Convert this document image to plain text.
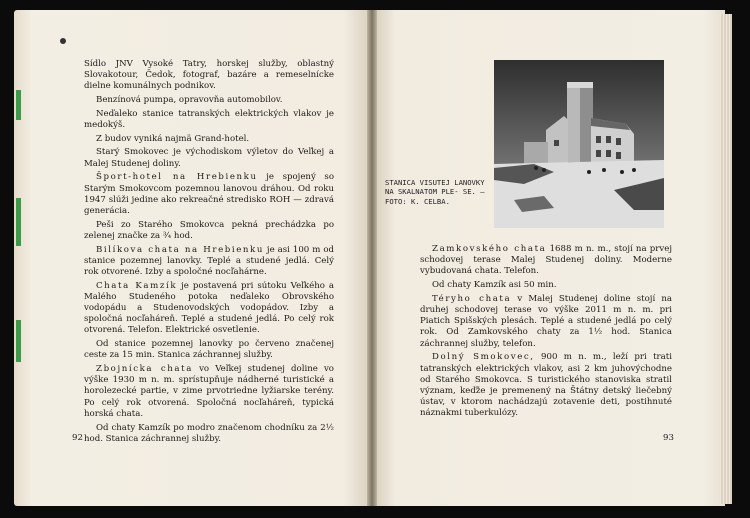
Sídlo JNV Vysoké Tatry, horskej služby, oblastný Slovakotour, Čedok, fotograf, bazáre a remeselnícke dielne komunálnych podnikov.

Benzínová pumpa, opravovňa automobilov.

Neďaleko stanice tatranských elektrických vlakov je medokýš.

Z budov vyniká najmä Grand-hotel.

Starý Smokovec je východiskom výletov do Veľkej a Malej Studenej doliny.

Šport-hotel na Hrebienku je spojený so Starým Smokovcom pozemnou lanovou dráhou. Od roku 1947 slúži jedine ako rekreačné stredisko ROH — zdravá generácia.

Peši zo Starého Smokovca pekná prechádzka po zelenej značke za ¾ hod.

Bilíkova chata na Hrebienku je asi 100 m od stanice pozemnej lanovky. Teplé a studené jedlá. Celý rok otvorené. Izby a spoločné nocľahárne.

Chata Kamzík je postavená pri sútoku Veľkého a Malého Studeného potoka neďaleko Obrovského vodopádu a Studenovodských vodopádov. Izby a spoločná nocľaháreň. Teplé a studené jedlá. Po celý rok otvorená. Telefon. Elektrické osvetlenie.

Od stanice pozemnej lanovky po červeno značenej ceste za 15 min. Stanica záchrannej služby.

Zbojnícka chata vo Veľkej studenej doline vo výške 1930 m n. m. sprístupňuje nádherné turistické a horolezecké partie, v zime prvotriedne lyžiarske terény. Po celý rok otvorená. Spoločná nocľaháreň, typická horská chata.

Od chaty Kamzík po modro značenom chodníku za 2½ hod. Stanica záchrannej služby.

92
STANICA VISUTEJ LANOVKY NA SKALNATOM PLE- SE. — FOTO: K. CELBA.

Zamkovského chata 1688 m n. m., stojí na prvej schodovej terase Malej Studenej doliny. Moderne vybudovaná chata. Telefon.

Od chaty Kamzík asi 50 min.

Téryho chata v Malej Studenej doline stojí na druhej schodovej terase vo výške 2011 m n. m. pri Piatich Spišských plesách. Teplé a studené jedlá po celý rok. Od Zamkovského chaty za 1½ hod. Stanica záchrannej služby, telefon.

Dolný Smokovec, 900 m n. m., leží pri trati tatranských elektrických vlakov, asi 2 km juhovýchodne od Starého Smokovca. S turistického stanoviska stratil význam, keďže je premenený na Štátny detský liečebný ústav, v ktorom nachádzajú zotavenie deti, postihnuté náznakmi tuberkulózy.

93
